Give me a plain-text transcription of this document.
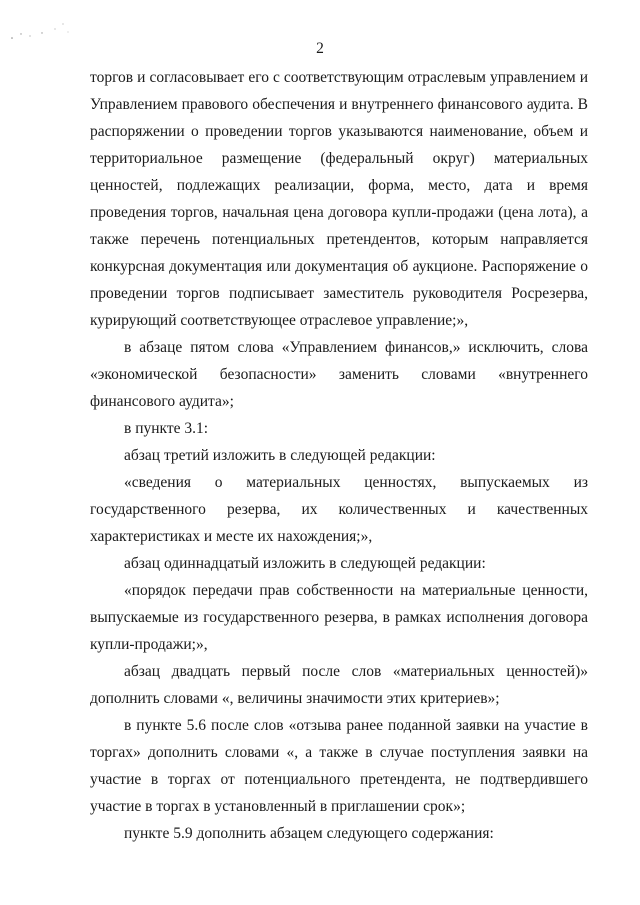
2

торгов и согласовывает его с соответствующим отраслевым управлением и Управлением правового обеспечения и внутреннего финансового аудита. В распоряжении о проведении торгов указываются наименование, объем и территориальное размещение (федеральный округ) материальных ценностей, подлежащих реализации, форма, место, дата и время проведения торгов, начальная цена договора купли-продажи (цена лота), а также перечень потенциальных претендентов, которым направляется конкурсная документация или документация об аукционе. Распоряжение о проведении торгов подписывает заместитель руководителя Росрезерва, курирующий соответствующее отраслевое управление;»,

в абзаце пятом слова «Управлением финансов,» исключить, слова «экономической безопасности» заменить словами «внутреннего финансового аудита»;

в пункте 3.1:

абзац третий изложить в следующей редакции:

«сведения о материальных ценностях, выпускаемых из государственного резерва, их количественных и качественных характеристиках и месте их нахождения;»,

абзац одиннадцатый изложить в следующей редакции:

«порядок передачи прав собственности на материальные ценности, выпускаемые из государственного резерва, в рамках исполнения договора купли-продажи;»,

абзац двадцать первый после слов «материальных ценностей)» дополнить словами «, величины значимости этих критериев»;

в пункте 5.6 после слов «отзыва ранее поданной заявки на участие в торгах» дополнить словами «, а также в случае поступления заявки на участие в торгах от потенциального претендента, не подтвердившего участие в торгах в установленный в приглашении срок»;

пункте 5.9 дополнить абзацем следующего содержания:
